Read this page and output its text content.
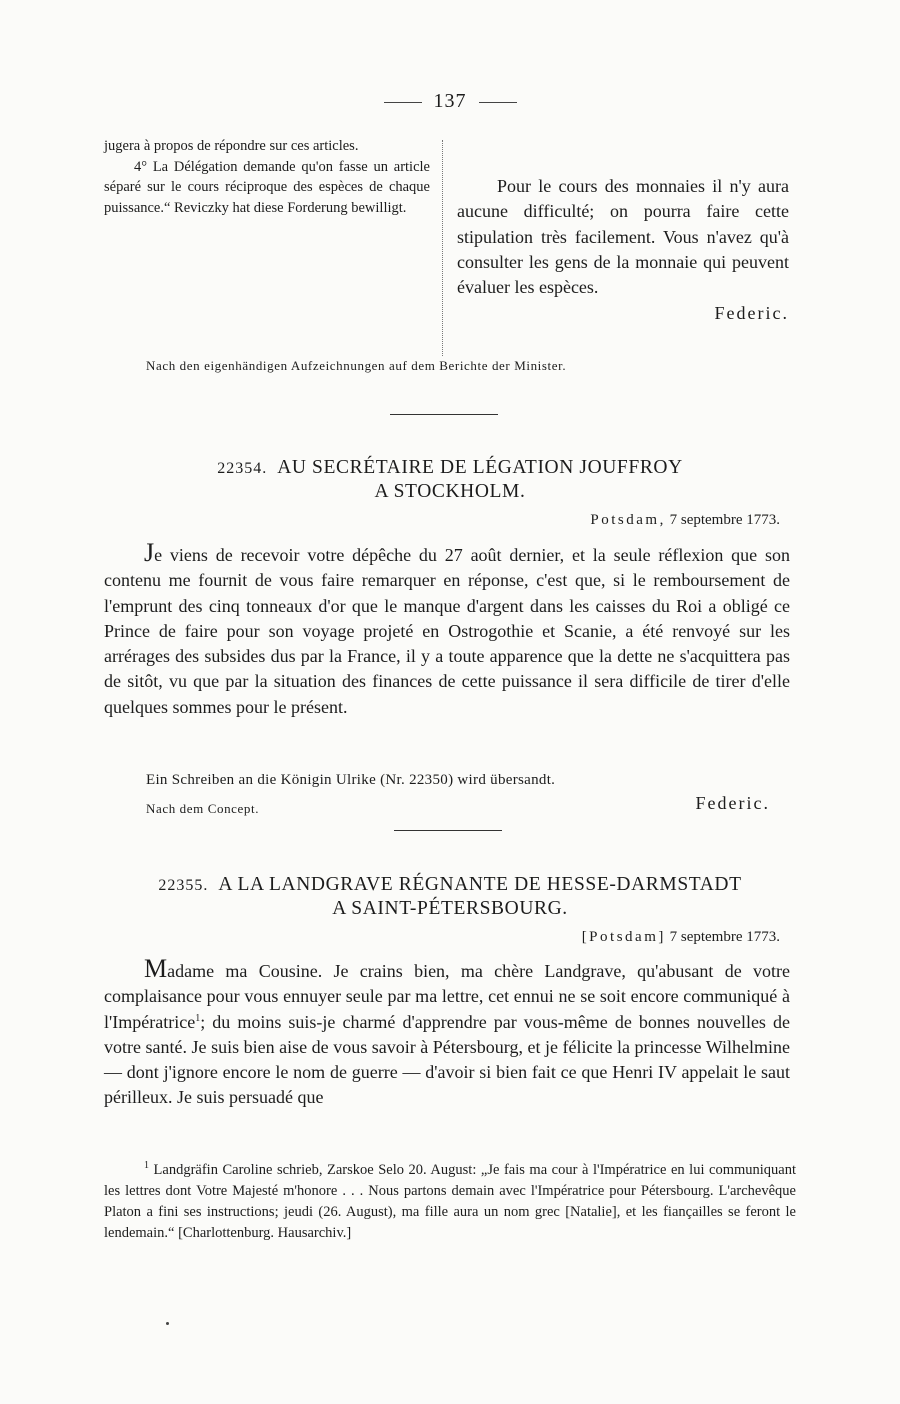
137

jugera à propos de répondre sur ces articles.

4° La Délégation demande qu'on fasse un article séparé sur le cours réciproque des espèces de chaque puissance.“ Reviczky hat diese Forderung bewilligt.

Pour le cours des monnaies il n'y aura aucune difficulté; on pourra faire cette stipulation très facilement. Vous n'avez qu'à consulter les gens de la monnaie qui peuvent évaluer les espèces.

Federic.

Nach den eigenhändigen Aufzeichnungen auf dem Berichte der Minister.
22354. AU SECRÉTAIRE DE LÉGATION JOUFFROY
A STOCKHOLM.
Potsdam, 7 septembre 1773.

Je viens de recevoir votre dépêche du 27 août dernier, et la seule réflexion que son contenu me fournit de vous faire remarquer en réponse, c'est que, si le remboursement de l'emprunt des cinq tonneaux d'or que le manque d'argent dans les caisses du Roi a obligé ce Prince de faire pour son voyage projeté en Ostrogothie et Scanie, a été renvoyé sur les arrérages des subsides dus par la France, il y a toute apparence que la dette ne s'acquittera pas de sitôt, vu que par la situation des finances de cette puissance il sera difficile de tirer d'elle quelques sommes pour le présent.

Ein Schreiben an die Königin Ulrike (Nr. 22350) wird übersandt.
Nach dem Concept.	Federic.
22355. A LA LANDGRAVE RÉGNANTE DE HESSE-DARMSTADT
A SAINT-PÉTERSBOURG.
[Potsdam] 7 septembre 1773.

Madame ma Cousine. Je crains bien, ma chère Landgrave, qu'abusant de votre complaisance pour vous ennuyer seule par ma lettre, cet ennui ne se soit encore communiqué à l'Impératrice$^1$; du moins suis-je charmé d'apprendre par vous-même de bonnes nouvelles de votre santé. Je suis bien aise de vous savoir à Pétersbourg, et je félicite la princesse Wilhelmine — dont j'ignore encore le nom de guerre — d'avoir si bien fait ce que Henri IV appelait le saut périlleux. Je suis persuadé que

$^1$ Landgräfin Caroline schrieb, Zarskoe Selo 20. August: „Je fais ma cour à l'Impératrice en lui communiquant les lettres dont Votre Majesté m'honore . . . Nous partons demain avec l'Impératrice pour Pétersbourg. L'archevêque Platon a fini ses instructions; jeudi (26. August), ma fille aura un nom grec [Natalie], et les fiançailles se feront le lendemain.“ [Charlottenburg. Hausarchiv.]
